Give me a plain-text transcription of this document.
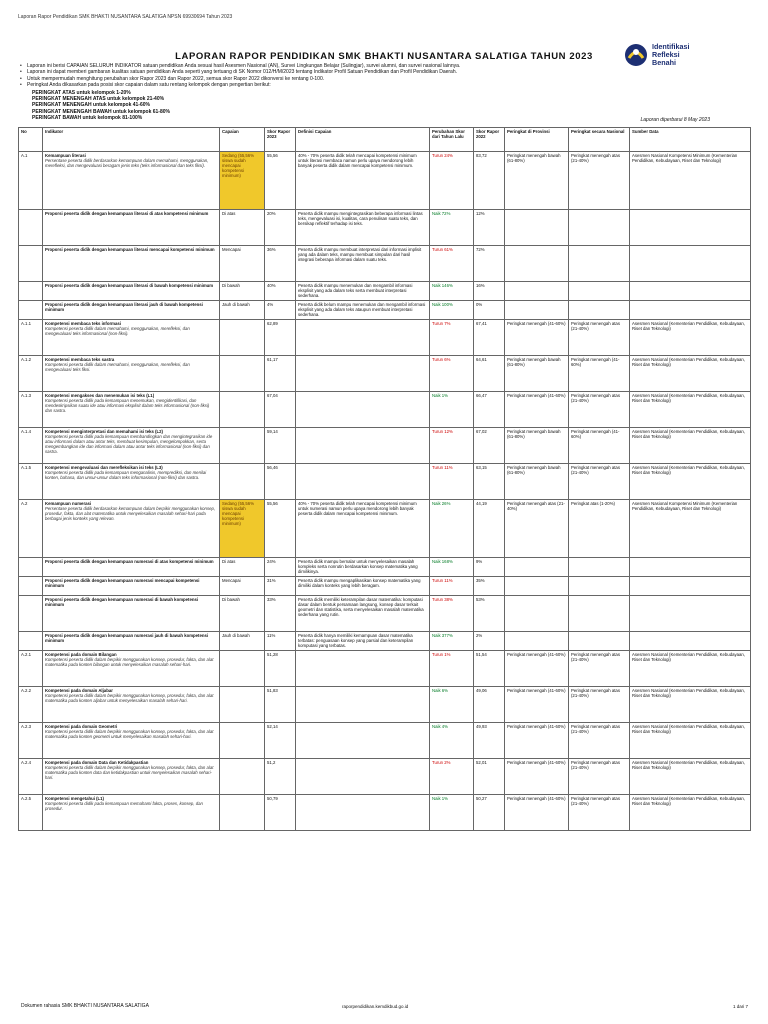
Laporan Rapor Pendidikan SMK BHAKTI NUSANTARA SALATIGA NPSN 69930694 Tahun 2023
LAPORAN RAPOR PENDIDIKAN SMK BHAKTI NUSANTARA SALATIGA TAHUN 2023
Identifikasi
Refleksi
Benahi
• Laporan ini berisi CAPAIAN SELURUH INDIKATOR satuan pendidikan Anda sesuai hasil Asesmen Nasional (AN), Survei Lingkungan Belajar (Sulingjar), survei alumni, dan survei nasional lainnya.
• Laporan ini dapat memberi gambaran kualitas satuan pendidikan Anda seperti yang tertuang di SK Nomor 012/H/M/2023 tentang Indikator Profil Satuan Pendidikan dan Profil Pendidikan Daerah.
• Untuk mempermudah menghitung perubahan skor Rapor 2023 dan Rapor 2022, semua skor Rapor 2022 dikonversi ke rentang 0-100.
• Peringkat Anda dikasarkan pada posisi skor capaian dalam satu rentang kelompok dengan pengertian berikut:
PERINGKAT ATAS untuk kelompok 1-20%
PERINGKAT MENENGAH ATAS untuk kelompok 21-40%
PERINGKAT MENENGAH untuk kelompok 41-60%
PERINGKAT MENENGAH BAWAH untuk kelompok 61-80%
PERINGKAT BAWAH untuk kelompok 81-100%	Laporan diperbarui 8 May 2023
No	Indikator	Capaian	Skor Rapor 2023	Definisi Capaian	Perubahan Skor dari Tahun Lalu	Skor Rapor 2022	Peringkat di Provinsi	Peringkat secara Nasional	Sumber Data
A.1	Kemampuan literasi
Persentase peserta didik berdasarkan kemampuan dalam memahami, menggunakan, merefleksi, dan mengevaluasi beragam jenis teks (teks informasional dan teks fiksi).	Sedang (55,56% siswa sudah mencapai kompetensi minimum)	55,56	40% - 70% peserta didik telah mencapai kompetensi minimum untuk literasi membaca namun perlu upaya mendorong lebih banyak peserta didik dalam mencapai kompetensi minimum.	Turun 24%	83,72	Peringkat menengah bawah (61-80%)	Peringkat menengah atas (21-40%)	Asesmen Nasional Kompetensi Minimum (Kementerian Pendidikan, Kebudayaan, Riset dan Teknologi)

	Proporsi peserta didik dengan kemampuan literasi di atas kompetensi minimum	Di atas	20%	Peserta didik mampu mengintegrasikan beberapa informasi lintas teks, mengevaluasi isi, kualitas, cara penulisan suatu teks, dan bersikap reflektif terhadap isi teks.	Naik 72%	12%			

	Proporsi peserta didik dengan kemampuan literasi mencapai kompetensi minimum	Mencapai	36%	Peserta didik mampu membuat interpretasi dari informasi implisit yang ada dalam teks, mampu membuat simpulan dari hasil integrasi beberapa informasi dalam suatu teks.	Turun 61%	72%			

	Proporsi peserta didik dengan kemampuan literasi di bawah kompetensi minimum	Di bawah	40%	Peserta didik mampu menemukan dan mengambil informasi eksplisit yang ada dalam teks serta membuat interpretasi sederhana.	Naik 146%	16%			

	Proporsi peserta didik dengan kemampuan literasi jauh di bawah kompetensi minimum	Jauh di bawah	4%	Peserta didik belum mampu menemukan dan mengambil informasi eksplisit yang ada dalam teks ataupun membuat interpretasi sederhana.	Naik 100%	0%			
A.1.1	Kompetensi membaca teks informasi
Kompetensi peserta didik dalam memahami, menggunakan, merefleksi, dan mengevaluasi teks informasional (non-fiksi).		62,89		Turun 7%	67,41	Peringkat menengah (41-60%)	Peringkat menengah atas (21-40%)	Asesmen Nasional (Kementerian Pendidikan, Kebudayaan, Riset dan Teknologi)
A.1.2	Kompetensi membaca teks sastra
Kompetensi peserta didik dalam memahami, menggunakan, merefleksi, dan mengevaluasi teks fiksi.		61,17		Turun 6%	64,61	Peringkat menengah bawah (61-80%)	Peringkat menengah (41-60%)	Asesmen Nasional (Kementerian Pendidikan, Kebudayaan, Riset dan Teknologi)
A.1.3	Kompetensi mengakses dan menemukan isi teks (L1)
Kompetensi peserta didik pada kemampuan menemukan, mengidentifikasi, dan mendeskripsikan suatu ide atau informasi eksplisit dalam teks informasional (non-fiksi) dan sastra.		67,04		Naik 1%	66,47	Peringkat menengah (41-60%)	Peringkat menengah atas (21-40%)	Asesmen Nasional (Kementerian Pendidikan, Kebudayaan, Riset dan Teknologi)
A.1.4	Kompetensi menginterpretasi dan memahami isi teks (L2)
Kompetensi peserta didik pada kemampuan membandingkan dan mengintegrasikan ide atau informasi dalam atau antar teks, membuat kesimpulan, mengelompokkan, serta mengembangkan ide dan informasi dalam atau antar teks informasional (non-fiksi) dan sastra.		59,14		Turun 12%	67,02	Peringkat menengah bawah (61-80%)	Peringkat menengah (41-60%)	Asesmen Nasional (Kementerian Pendidikan, Kebudayaan, Riset dan Teknologi)
A.1.5	Kompetensi mengevaluasi dan merefleksikan isi teks (L3)
Kompetensi peserta didik pada kemampuan menganalisis, memprediksi, dan menilai konten, bahasa, dan unsur-unsur dalam teks informasional (non-fiksi) dan sastra.		56,46		Turun 11%	63,15	Peringkat menengah bawah (61-80%)	Peringkat menengah atas (21-40%)	Asesmen Nasional (Kementerian Pendidikan, Kebudayaan, Riset dan Teknologi)
A.2	Kemampuan numerasi
Persentase peserta didik berdasarkan kemampuan dalam berpikir menggunakan konsep, prosedur, fakta, dan alat matematika untuk menyelesaikan masalah sehari-hari pada berbagai jenis konteks yang relevan.	Sedang (55,56% siswa sudah mencapai kompetensi minimum)	55,56	40% - 70% peserta didik telah mencapai kompetensi minimum untuk numerasi namun perlu upaya mendorong lebih banyak peserta didik dalam mencapai kompetensi minimum.	Naik 26%	44,19	Peringkat menengah atas (21-40%)	Peringkat atas (1-20%)	Asesmen Nasional Kompetensi Minimum (Kementerian Pendidikan, Kebudayaan, Riset dan Teknologi)

	Proporsi peserta didik dengan kemampuan numerasi di atas kompetensi minimum	Di atas	24%	Peserta didik mampu bernalar untuk menyelesaikan masalah kompleks serta nonrutin berdasarkan konsep matematika yang dimilikinya.	Naik 168%	9%			

	Proporsi peserta didik dengan kemampuan numerasi mencapai kompetensi minimum	Mencapai	31%	Peserta didik mampu mengaplikasikan konsep matematika yang dimiliki dalam konteks yang lebih beragam.	Turun 11%	35%			

	Proporsi peserta didik dengan kemampuan numerasi di bawah kompetensi minimum	Di bawah	33%	Peserta didik memiliki keterampilan dasar matematika: komputasi dasar dalam bentuk persamaan langsung, konsep dasar terkait geometri dan statistika, serta menyelesaikan masalah matematika sederhana yang rutin.	Turun 38%	53%			

	Proporsi peserta didik dengan kemampuan numerasi jauh di bawah kompetensi minimum	Jauh di bawah	11%	Peserta didik hanya memiliki kemampuan dasar matematika terbatas: penguasaan konsep yang parsial dan keterampilan komputasi yang terbatas.	Naik 377%	2%			
A.2.1	Kompetensi pada domain Bilangan
Kompetensi peserta didik dalam berpikir menggunakan konsep, prosedur, fakta, dan alat matematika pada konten bilangan untuk menyelesaikan masalah sehari-hari.		51,28		Turun 1%	51,54	Peringkat menengah (41-60%)	Peringkat menengah atas (21-40%)	Asesmen Nasional (Kementerian Pendidikan, Kebudayaan, Riset dan Teknologi)
A.2.2	Kompetensi pada domain Aljabar
Kompetensi peserta didik dalam berpikir menggunakan konsep, prosedur, fakta, dan alat matematika pada konten aljabar untuk menyelesaikan masalah sehari-hari.		51,83		Naik 6%	49,06	Peringkat menengah (41-60%)	Peringkat menengah atas (21-40%)	Asesmen Nasional (Kementerian Pendidikan, Kebudayaan, Riset dan Teknologi)
A.2.3	Kompetensi pada domain Geometri
Kompetensi peserta didik dalam berpikir menggunakan konsep, prosedur, fakta, dan alat matematika pada konten geometri untuk menyelesaikan masalah sehari-hari.		52,14		Naik 4%	49,93	Peringkat menengah (41-60%)	Peringkat menengah atas (21-40%)	Asesmen Nasional (Kementerian Pendidikan, Kebudayaan, Riset dan Teknologi)
A.2.4	Kompetensi pada domain Data dan Ketidakpastian
Kompetensi peserta didik dalam berpikir menggunakan konsep, prosedur, fakta, dan alat matematika pada konten data dan ketidakpastian untuk menyelesaikan masalah sehari-hari.		51,2		Turun 2%	52,01	Peringkat menengah (41-60%)	Peringkat menengah atas (21-40%)	Asesmen Nasional (Kementerian Pendidikan, Kebudayaan, Riset dan Teknologi)
A.2.5	Kompetensi mengetahui (L1)
Kompetensi peserta didik pada kemampuan memahami fakta, proses, konsep, dan prosedur.		50,79		Naik 1%	50,27	Peringkat menengah (41-60%)	Peringkat menengah atas (21-40%)	Asesmen Nasional (Kementerian Pendidikan, Kebudayaan, Riset dan Teknologi)
Dokumen rahasia SMK BHAKTI NUSANTARA SALATIGA	raporpendidikan.kemdikbud.go.id	1 dari 7
